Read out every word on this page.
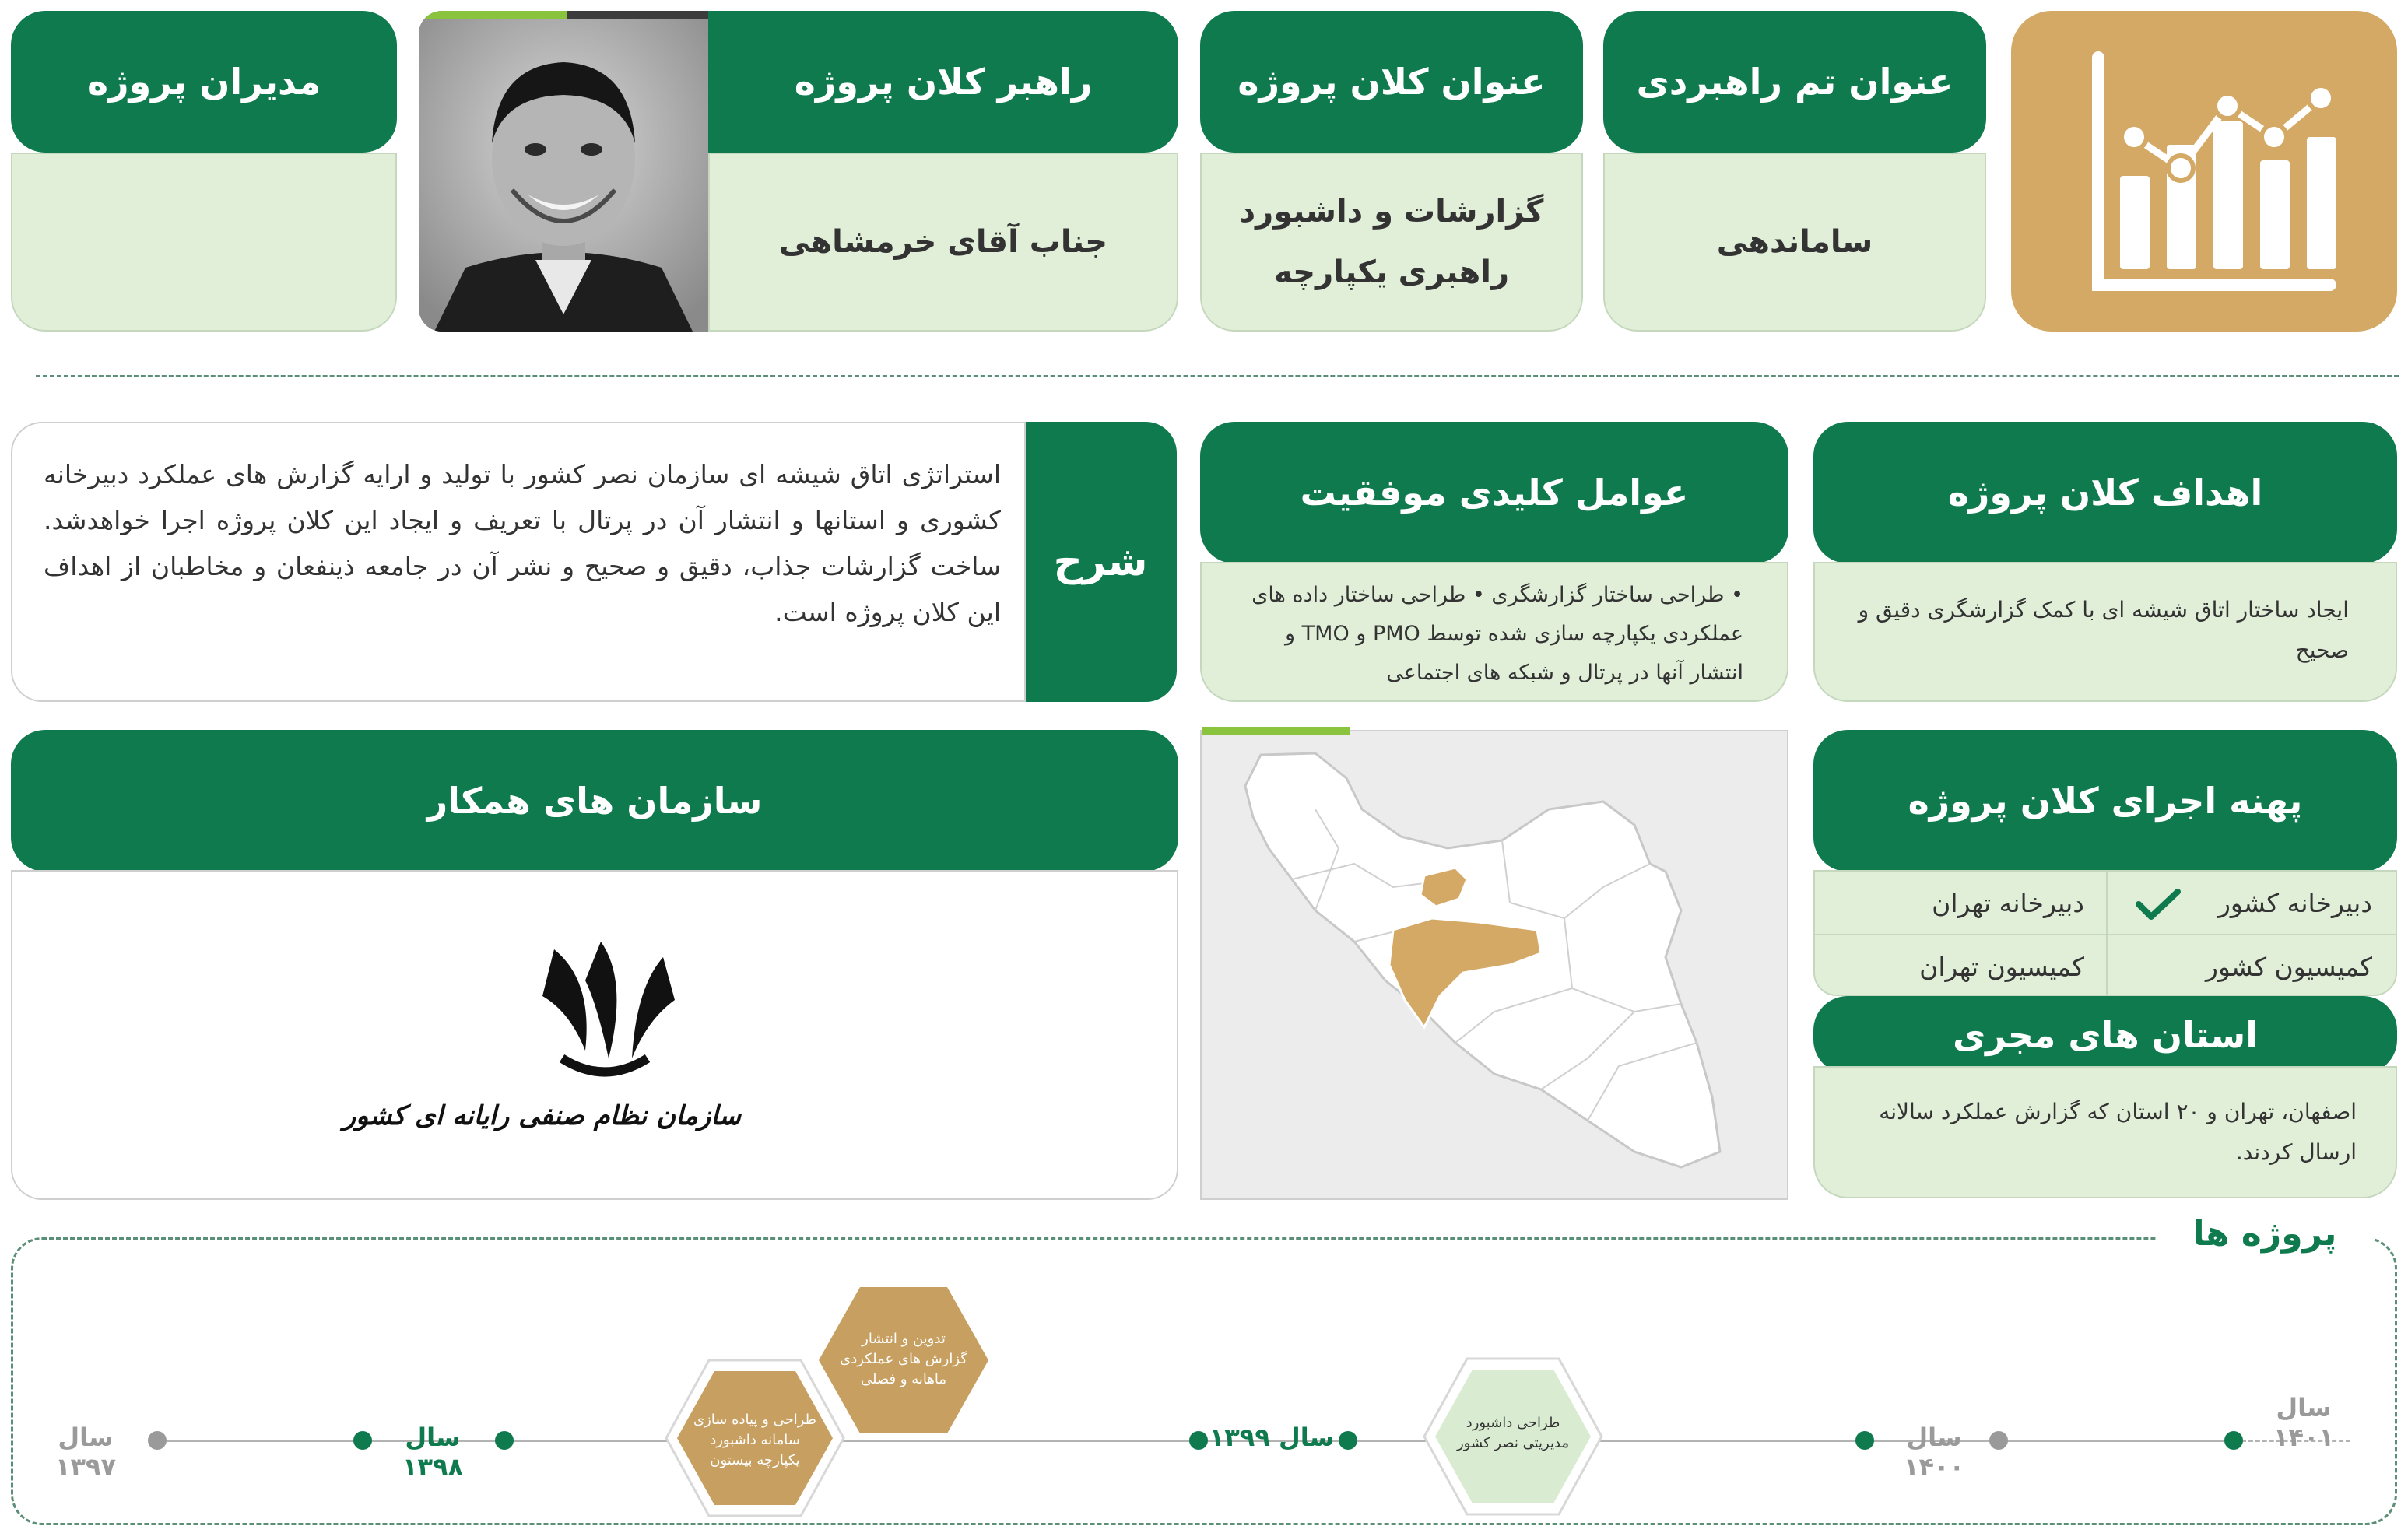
عنوان تم راهبردی
ساماندهی
عنوان کلان پروژه
گزارشات و داشبورد
راهبری یکپارچه
راهبر کلان پروژه
جناب آقای خرمشاهی
مدیران پروژه
اهداف کلان پروژه
ایجاد ساختار اتاق شیشه ای با کمک گزارشگری دقیق و صحیح
عوامل کلیدی موفقیت
• طراحی ساختار گزارشگری • طراحی ساختار داده های
عملکردی یکپارچه سازی شده توسط PMO و TMO و
انتشار آنها در پرتال و شبکه های اجتماعی
شرح
استراتژی اتاق شیشه ای سازمان نصر کشور با تولید و ارایه گزارش های عملکرد دبیرخانه کشوری و استانها و انتشار آن در پرتال با تعریف و ایجاد این کلان پروژه اجرا خواهدشد. ساخت گزارشات جذاب، دقیق و صحیح و نشر آن در جامعه ذینفعان و مخاطبان از اهداف این کلان پروژه است.
پهنه اجرای کلان پروژه
دبیرخانه کشور
دبیرخانه تهران
کمیسیون کشور
کمیسیون تهران
استان های مجری
اصفهان، تهران و ۲۰ استان که گزارش عملکرد سالانه ارسال کردند.
سازمان های همکار
سازمان نظام صنفی رایانه ای کشور
پروژه ها
سال ۱۴۰۱
سال ۱۴۰۰
سال ۱۳۹۹
سال ۱۳۹۸
سال ۱۳۹۷
طراحی داشبورد مدیریتی نصر کشور
طراحی و پیاده سازی سامانه داشبورد یکپارچه بیستون
تدوین و انتشار گزارش های عملکردی ماهانه و فصلی
